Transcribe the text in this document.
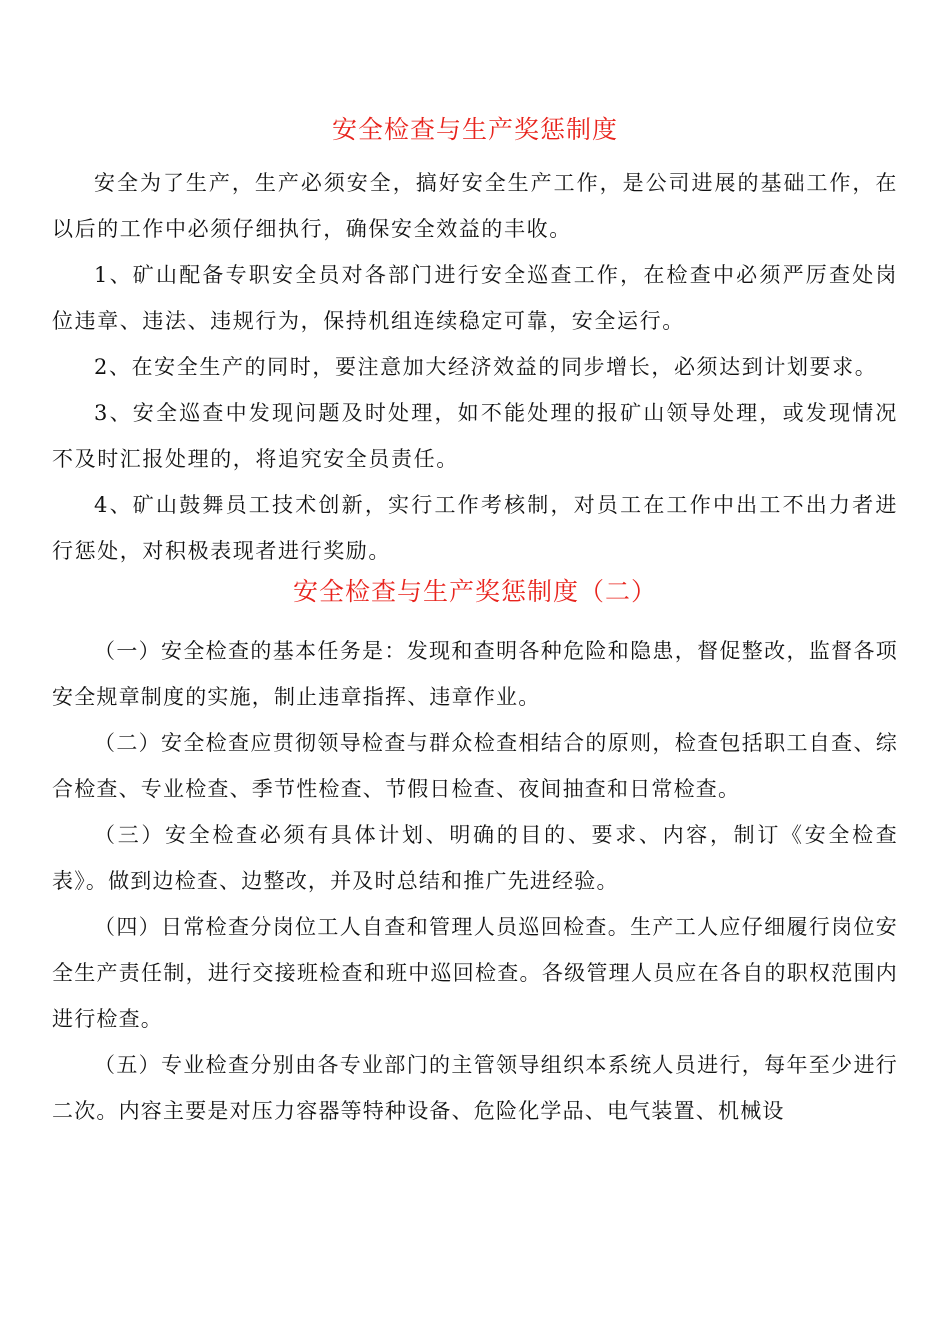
安全检查与生产奖惩制度

安全为了生产，生产必须安全，搞好安全生产工作，是公司进展的基础工作，在以后的工作中必须仔细执行，确保安全效益的丰收。

1、矿山配备专职安全员对各部门进行安全巡查工作，在检查中必须严厉查处岗位违章、违法、违规行为，保持机组连续稳定可靠，安全运行。

2、在安全生产的同时，要注意加大经济效益的同步增长，必须达到计划要求。

3、安全巡查中发现问题及时处理，如不能处理的报矿山领导处理，或发现情况不及时汇报处理的，将追究安全员责任。

4、矿山鼓舞员工技术创新，实行工作考核制，对员工在工作中出工不出力者进行惩处，对积极表现者进行奖励。

安全检查与生产奖惩制度（二）

（一）安全检查的基本任务是：发现和查明各种危险和隐患，督促整改，监督各项安全规章制度的实施，制止违章指挥、违章作业。

（二）安全检查应贯彻领导检查与群众检查相结合的原则，检查包括职工自查、综合检查、专业检查、季节性检查、节假日检查、夜间抽查和日常检查。

（三）安全检查必须有具体计划、明确的目的、要求、内容，制订《安全检查表》。做到边检查、边整改，并及时总结和推广先进经验。

（四）日常检查分岗位工人自查和管理人员巡回检查。生产工人应仔细履行岗位安全生产责任制，进行交接班检查和班中巡回检查。各级管理人员应在各自的职权范围内进行检查。

（五）专业检查分别由各专业部门的主管领导组织本系统人员进行，每年至少进行二次。内容主要是对压力容器等特种设备、危险化学品、电气装置、机械设
